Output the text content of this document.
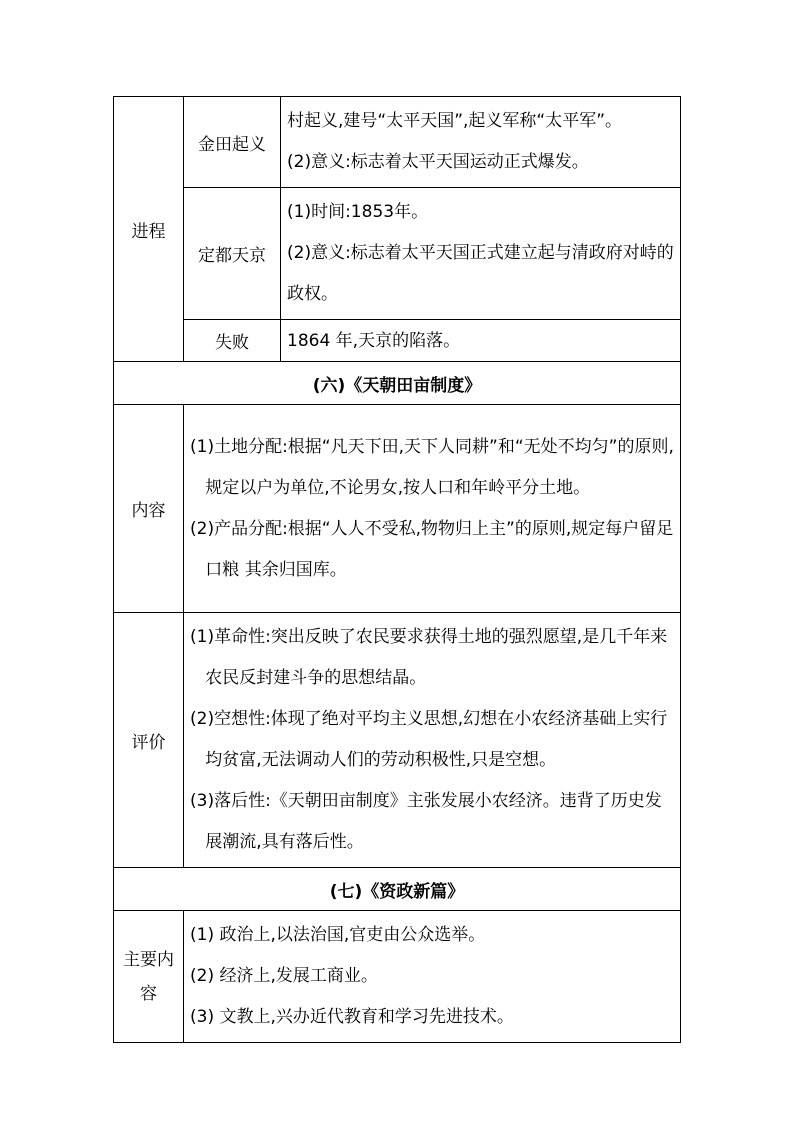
进程	金田起义	村起义,建号“太平天国”,起义军称“太平军”。
(2)意义:标志着太平天国运动正式爆发。

	定都天京	(1)时间:1853年。
(2)意义:标志着太平天国正式建立起与清政府对峙的政权。

	失败	1864 年,天京的陷落。
(六)《天朝田亩制度》		
内容	(1)土地分配:根据“凡天下田,天下人同耕”和“无处不均匀”的原则,规定以户为单位,不论男女,按人口和年岭平分土地。
(2)产品分配:根据“人人不受私,物物归上主”的原则,规定每户留足口粮 其余归国库。	

评价	(1)革命性:突出反映了农民要求获得土地的强烈愿望,是几千年来农民反封建斗争的思想结晶。
(2)空想性:体现了绝对平均主义思想,幻想在小农经济基础上实行均贫富,无法调动人们的劳动积极性,只是空想。
(3)落后性:《天朝田亩制度》主张发展小农经济。违背了历史发展潮流,具有落后性。	

(七)《资政新篇》		
主要内容	(1) 政治上,以法治国,官吏由公众选举。
(2) 经济上,发展工商业。
(3) 文教上,兴办近代教育和学习先进技术。	
